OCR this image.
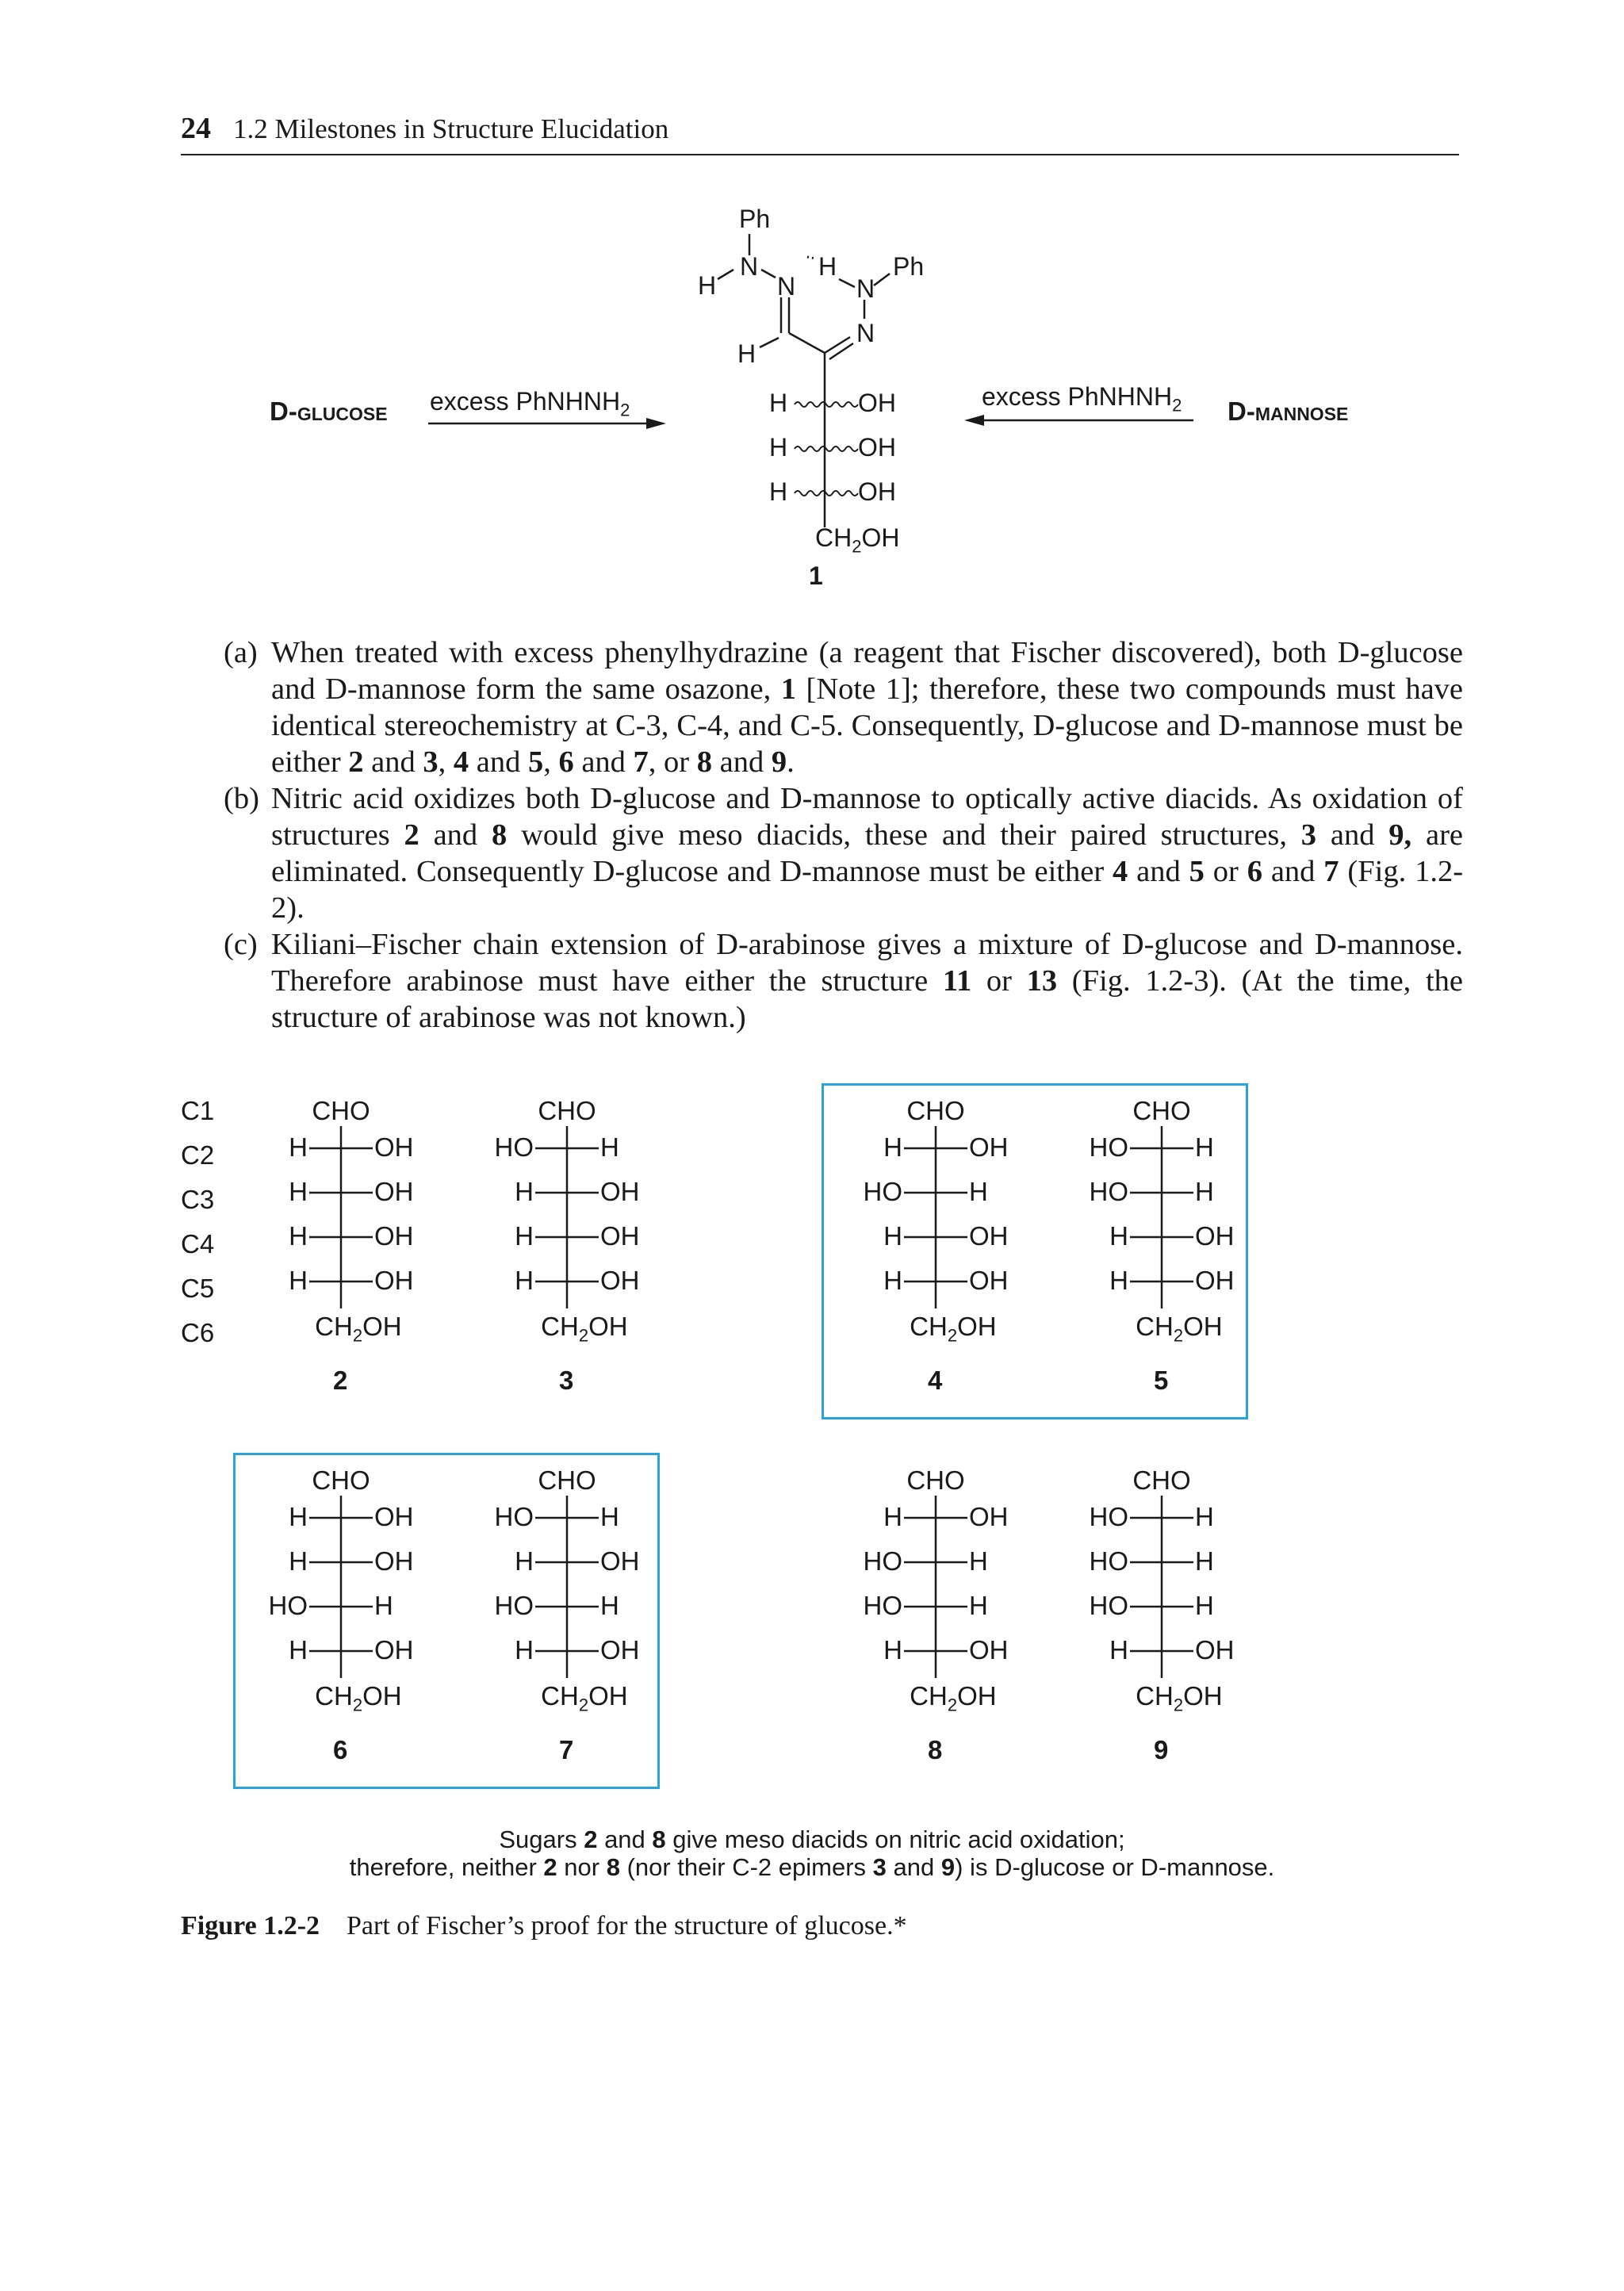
24 1.2 Milestones in Structure Elucidation
Ph
N
H N
H
N
Ph
N
H
H	OH
H	OH
H	OH
$CH_2OH$
1
D-glucose excess PhNHNH$_2$	excess PhNHNH$_2$ D-mannose
(a) When treated with excess phenylhydrazine (a reagent that Fischer discovered), both D-glucose and D-mannose form the same osazone, 1 [Note 1]; therefore, these two compounds must have identical stereochemistry at C-3, C-4, and C-5. Consequently, D-glucose and D-mannose must be either 2 and 3, 4 and 5, 6 and 7, or 8 and 9.
(b) Nitric acid oxidizes both D-glucose and D-mannose to optically active diacids. As oxidation of structures 2 and 8 would give meso diacids, these and their paired structures, 3 and 9, are eliminated. Consequently D-glucose and D-mannose must be either 4 and 5 or 6 and 7 (Fig. 1.2-2).
(c) Kiliani–Fischer chain extension of D-arabinose gives a mixture of D-glucose and D-mannose. Therefore arabinose must have either the structure 11 or 13 (Fig. 1.2-3). (At the time, the structure of arabinose was not known.)
C1
C2
C3
C4
C5
C6
CHO
H	OH
H	OH
H	OH
H	OH
$CH_2OH$
2
CHO
HO	H
H	OH
H	OH
H	OH
$CH_2OH$
3
CHO
H	OH
HO	H
H	OH
H	OH
$CH_2OH$
4
CHO
HO	H
HO	H
H	OH
H	OH
$CH_2OH$
5
CHO
H	OH
H	OH
HO	H
H	OH
$CH_2OH$
6
CHO
HO	H
H	OH
HO	H
H	OH
$CH_2OH$
7
CHO
H	OH
HO	H
HO	H
H	OH
$CH_2OH$
8
CHO
HO	H
HO	H
HO	H
H	OH
$CH_2OH$
9
Sugars 2 and 8 give meso diacids on nitric acid oxidation;
therefore, neither 2 nor 8 (nor their C-2 epimers 3 and 9) is D-glucose or D-mannose.
Figure 1.2-2 Part of Fischer’s proof for the structure of glucose.*
